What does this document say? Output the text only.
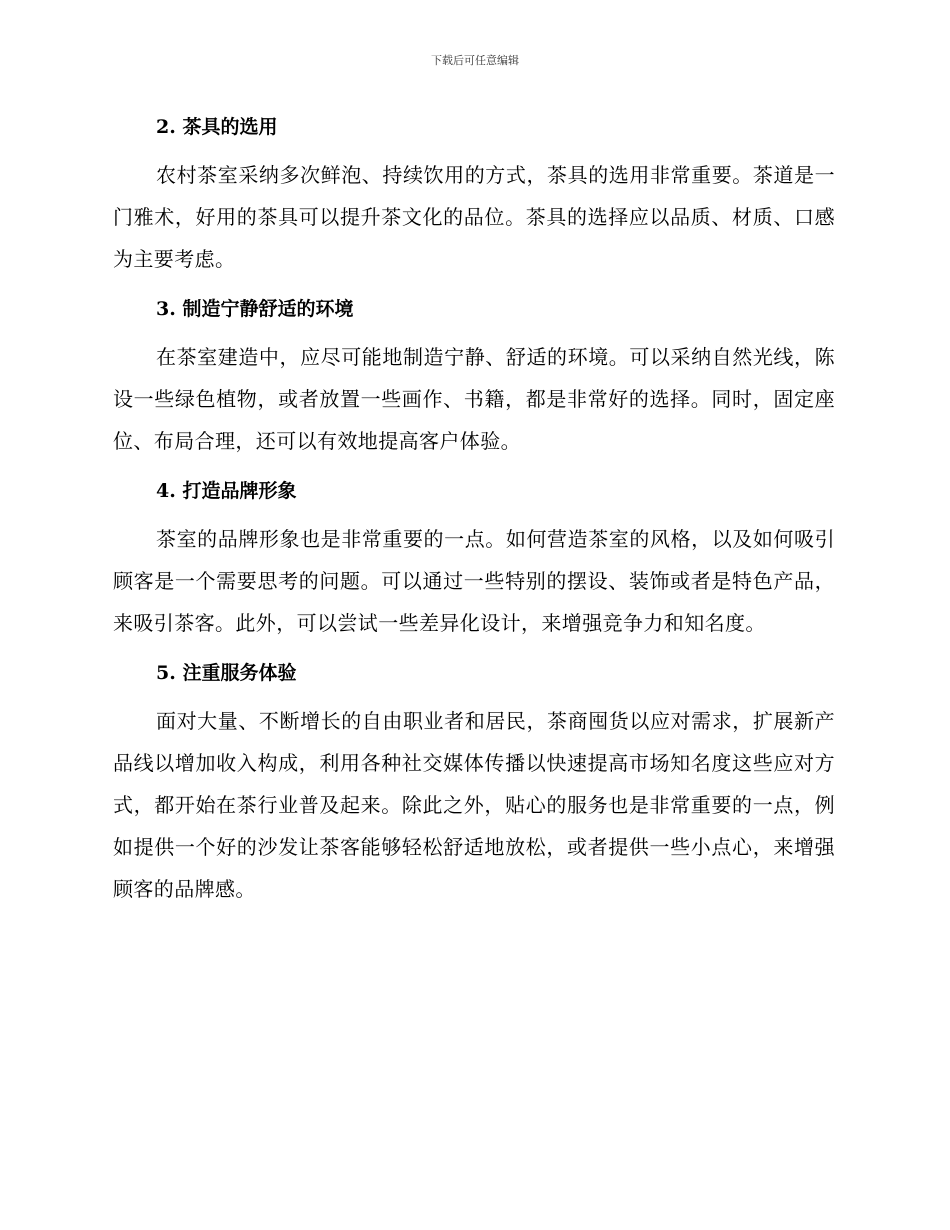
下载后可任意编辑
2. 茶具的选用

农村茶室采纳多次鲜泡、持续饮用的方式，茶具的选用非常重要。茶道是一门雅术，好用的茶具可以提升茶文化的品位。茶具的选择应以品质、材质、口感为主要考虑。

3. 制造宁静舒适的环境

在茶室建造中，应尽可能地制造宁静、舒适的环境。可以采纳自然光线，陈设一些绿色植物，或者放置一些画作、书籍，都是非常好的选择。同时，固定座位、布局合理，还可以有效地提高客户体验。

4. 打造品牌形象

茶室的品牌形象也是非常重要的一点。如何营造茶室的风格，以及如何吸引顾客是一个需要思考的问题。可以通过一些特别的摆设、装饰或者是特色产品，来吸引茶客。此外，可以尝试一些差异化设计，来增强竞争力和知名度。

5. 注重服务体验

面对大量、不断增长的自由职业者和居民，茶商囤货以应对需求，扩展新产品线以增加收入构成，利用各种社交媒体传播以快速提高市场知名度这些应对方式，都开始在茶行业普及起来。除此之外，贴心的服务也是非常重要的一点，例如提供一个好的沙发让茶客能够轻松舒适地放松，或者提供一些小点心，来增强顾客的品牌感。
